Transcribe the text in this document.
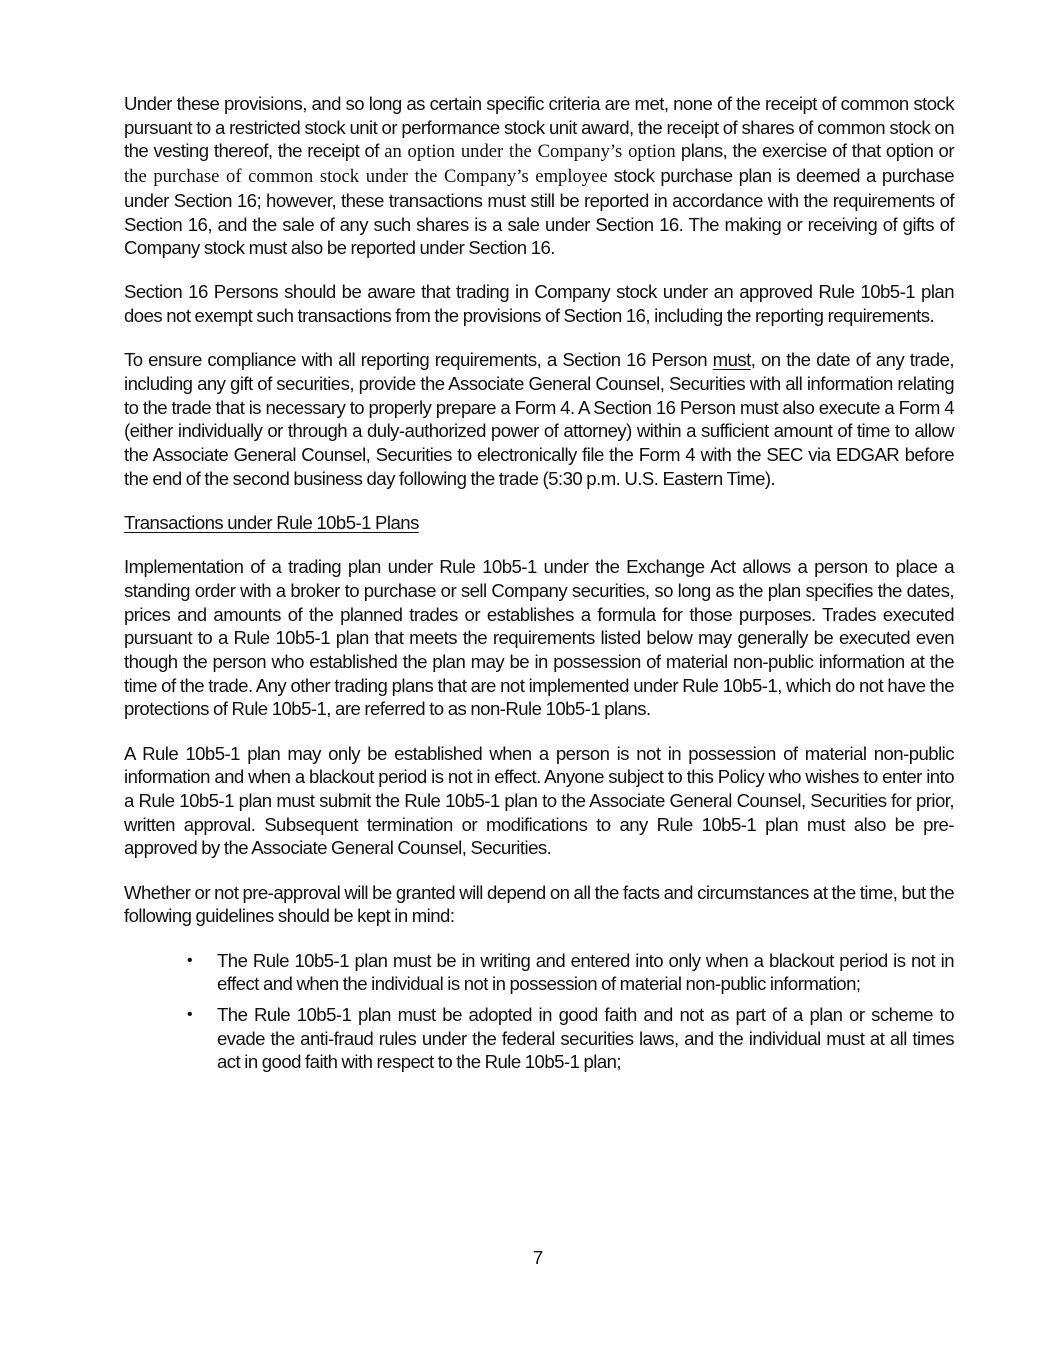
Under these provisions, and so long as certain specific criteria are met, none of the receipt of common stock pursuant to a restricted stock unit or performance stock unit award, the receipt of shares of common stock on the vesting thereof, the receipt of an option under the Company’s option plans, the exercise of that option or the purchase of common stock under the Company’s employee stock purchase plan is deemed a purchase under Section 16; however, these transactions must still be reported in accordance with the requirements of Section 16, and the sale of any such shares is a sale under Section 16. The making or receiving of gifts of Company stock must also be reported under Section 16.

Section 16 Persons should be aware that trading in Company stock under an approved Rule 10b5-1 plan does not exempt such transactions from the provisions of Section 16, including the reporting requirements.

To ensure compliance with all reporting requirements, a Section 16 Person must, on the date of any trade, including any gift of securities, provide the Associate General Counsel, Securities with all information relating to the trade that is necessary to properly prepare a Form 4. A Section 16 Person must also execute a Form 4 (either individually or through a duly-authorized power of attorney) within a sufficient amount of time to allow the Associate General Counsel, Securities to electronically file the Form 4 with the SEC via EDGAR before the end of the second business day following the trade (5:30 p.m. U.S. Eastern Time).

Transactions under Rule 10b5-1 Plans

Implementation of a trading plan under Rule 10b5-1 under the Exchange Act allows a person to place a standing order with a broker to purchase or sell Company securities, so long as the plan specifies the dates, prices and amounts of the planned trades or establishes a formula for those purposes. Trades executed pursuant to a Rule 10b5-1 plan that meets the requirements listed below may generally be executed even though the person who established the plan may be in possession of material non-public information at the time of the trade. Any other trading plans that are not implemented under Rule 10b5-1, which do not have the protections of Rule 10b5-1, are referred to as non-Rule 10b5-1 plans.

A Rule 10b5-1 plan may only be established when a person is not in possession of material non-public information and when a blackout period is not in effect. Anyone subject to this Policy who wishes to enter into a Rule 10b5-1 plan must submit the Rule 10b5-1 plan to the Associate General Counsel, Securities for prior, written approval. Subsequent termination or modifications to any Rule 10b5-1 plan must also be pre-approved by the Associate General Counsel, Securities.

Whether or not pre-approval will be granted will depend on all the facts and circumstances at the time, but the following guidelines should be kept in mind:

• The Rule 10b5-1 plan must be in writing and entered into only when a blackout period is not in effect and when the individual is not in possession of material non-public information;
• The Rule 10b5-1 plan must be adopted in good faith and not as part of a plan or scheme to evade the anti-fraud rules under the federal securities laws, and the individual must at all times act in good faith with respect to the Rule 10b5-1 plan;
7
